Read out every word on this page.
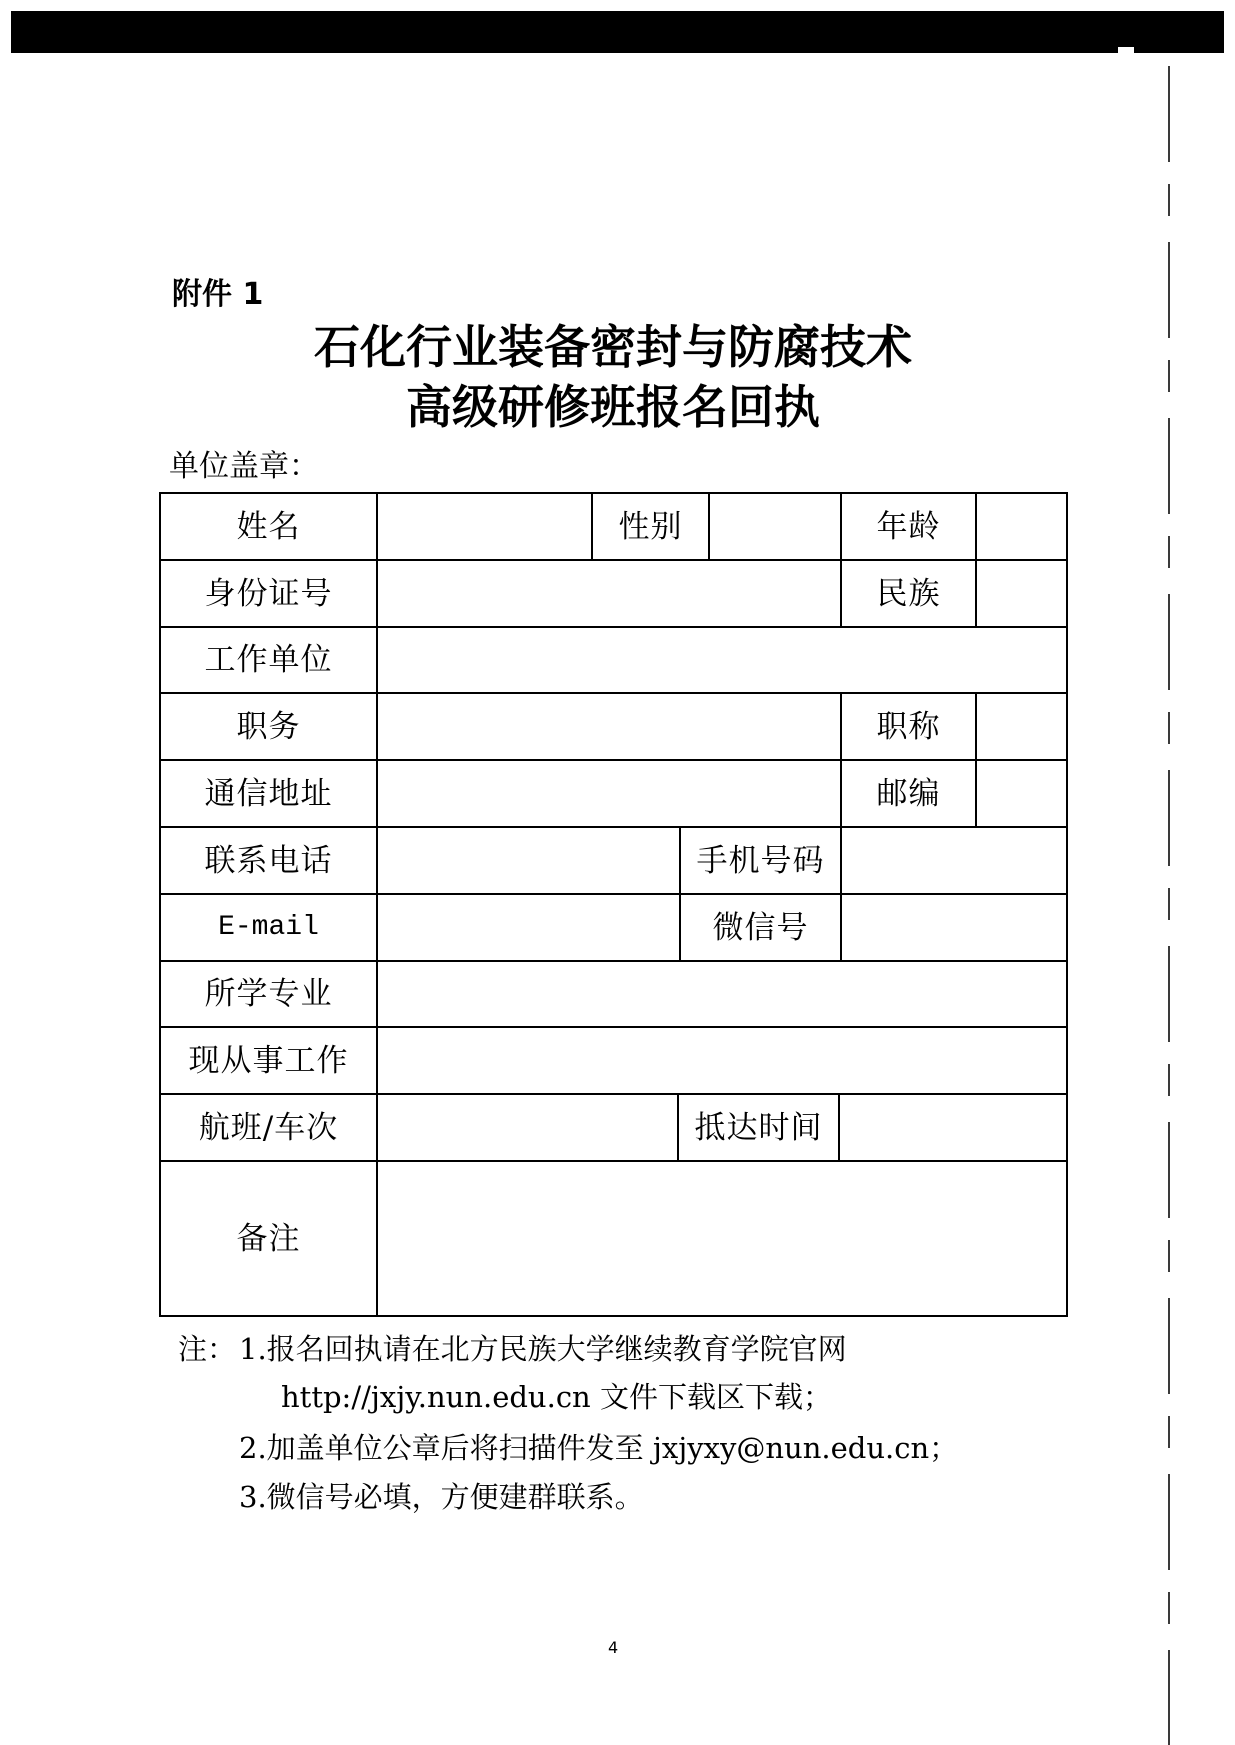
附件 1
石化行业装备密封与防腐技术
高级研修班报名回执
单位盖章：
姓名	性别	年龄
身份证号	民族
工作单位
职务	职称
通信地址	邮编
联系电话	手机号码
E-mail	微信号
所学专业
现从事工作
航班/车次	抵达时间
备注
注： 1.报名回执请在北方民族大学继续教育学院官网
http://jxjy.nun.edu.cn 文件下载区下载；
2.加盖单位公章后将扫描件发至 jxjyxy@nun.edu.cn；
3.微信号必填，方便建群联系。
4
